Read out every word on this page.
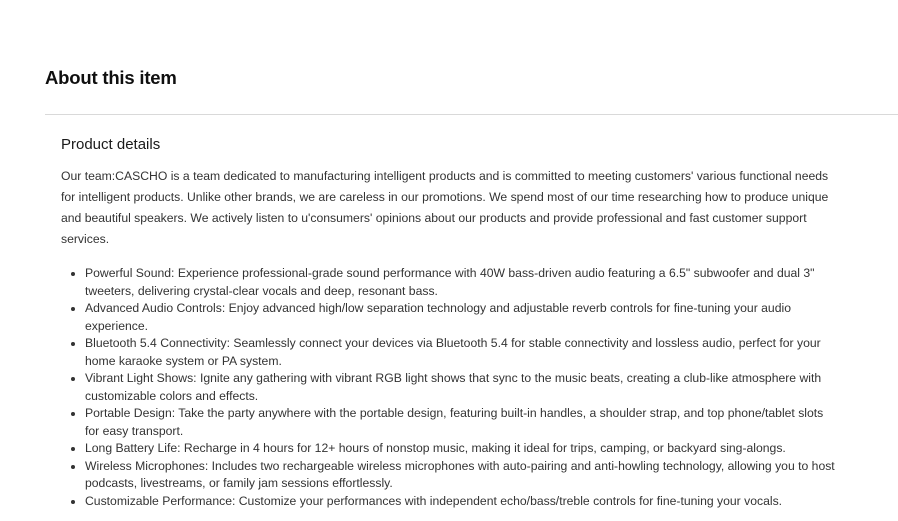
About this item
Product details

Our team:CASCHO is a team dedicated to manufacturing intelligent products and is committed to meeting customers' various functional needs for intelligent products. Unlike other brands, we are careless in our promotions. We spend most of our time researching how to produce unique and beautiful speakers. We actively listen to u'consumers' opinions about our products and provide professional and fast customer support services.

• Powerful Sound: Experience professional-grade sound performance with 40W bass-driven audio featuring a 6.5" subwoofer and dual 3" tweeters, delivering crystal-clear vocals and deep, resonant bass.
• Advanced Audio Controls: Enjoy advanced high/low separation technology and adjustable reverb controls for fine-tuning your audio experience.
• Bluetooth 5.4 Connectivity: Seamlessly connect your devices via Bluetooth 5.4 for stable connectivity and lossless audio, perfect for your home karaoke system or PA system.
• Vibrant Light Shows: Ignite any gathering with vibrant RGB light shows that sync to the music beats, creating a club-like atmosphere with customizable colors and effects.
• Portable Design: Take the party anywhere with the portable design, featuring built-in handles, a shoulder strap, and top phone/tablet slots for easy transport.
• Long Battery Life: Recharge in 4 hours for 12+ hours of nonstop music, making it ideal for trips, camping, or backyard sing-alongs.
• Wireless Microphones: Includes two rechargeable wireless microphones with auto-pairing and anti-howling technology, allowing you to host podcasts, livestreams, or family jam sessions effortlessly.
• Customizable Performance: Customize your performances with independent echo/bass/treble controls for fine-tuning your vocals.
